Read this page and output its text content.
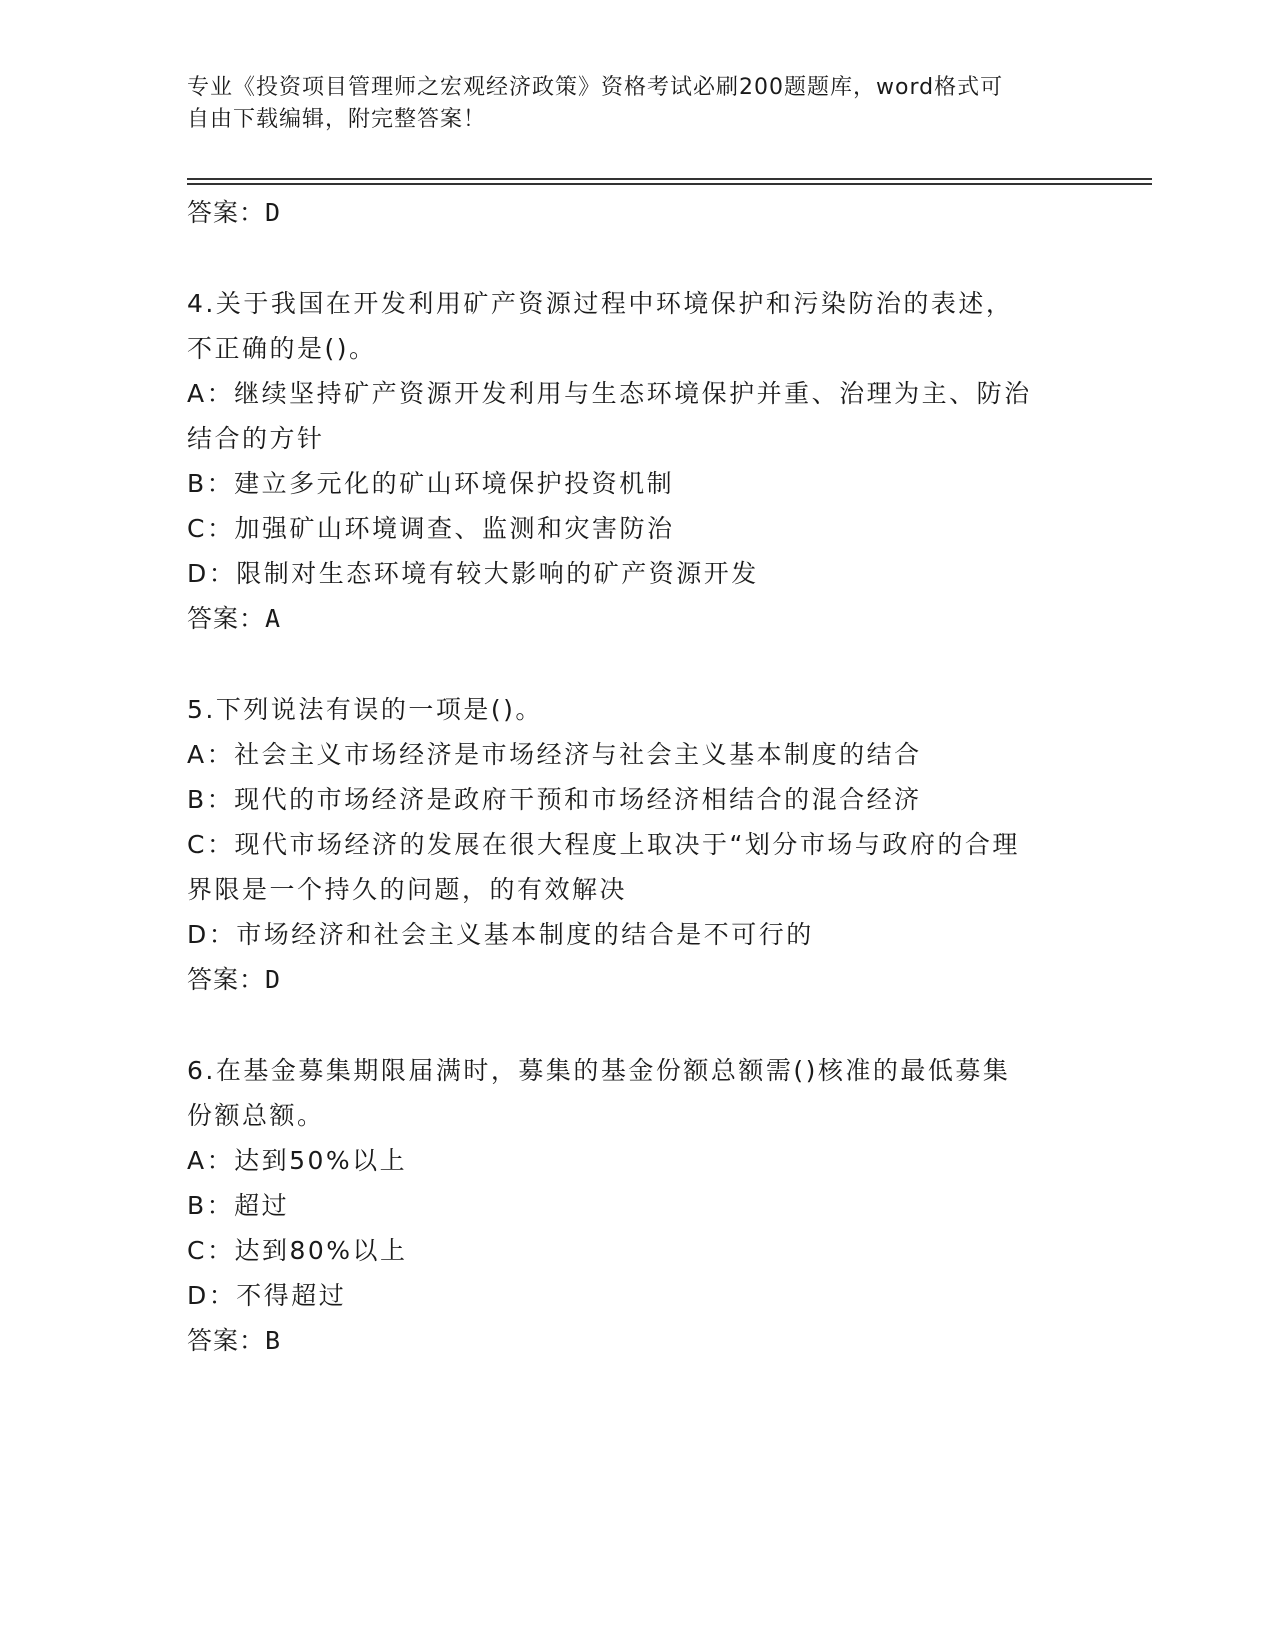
专业《投资项目管理师之宏观经济政策》资格考试必刷200题题库，word格式可
自由下载编辑，附完整答案！
答案：D
4.关于我国在开发利用矿产资源过程中环境保护和污染防治的表述，
不正确的是()。
A：继续坚持矿产资源开发利用与生态环境保护并重、治理为主、防治
结合的方针
B：建立多元化的矿山环境保护投资机制
C：加强矿山环境调查、监测和灾害防治
D：限制对生态环境有较大影响的矿产资源开发
答案：A
5.下列说法有误的一项是()。
A：社会主义市场经济是市场经济与社会主义基本制度的结合
B：现代的市场经济是政府干预和市场经济相结合的混合经济
C：现代市场经济的发展在很大程度上取决于“划分市场与政府的合理
界限是一个持久的问题，的有效解决
D：市场经济和社会主义基本制度的结合是不可行的
答案：D
6.在基金募集期限届满时，募集的基金份额总额需()核准的最低募集
份额总额。
A：达到50%以上
B：超过
C：达到80%以上
D：不得超过
答案：B
